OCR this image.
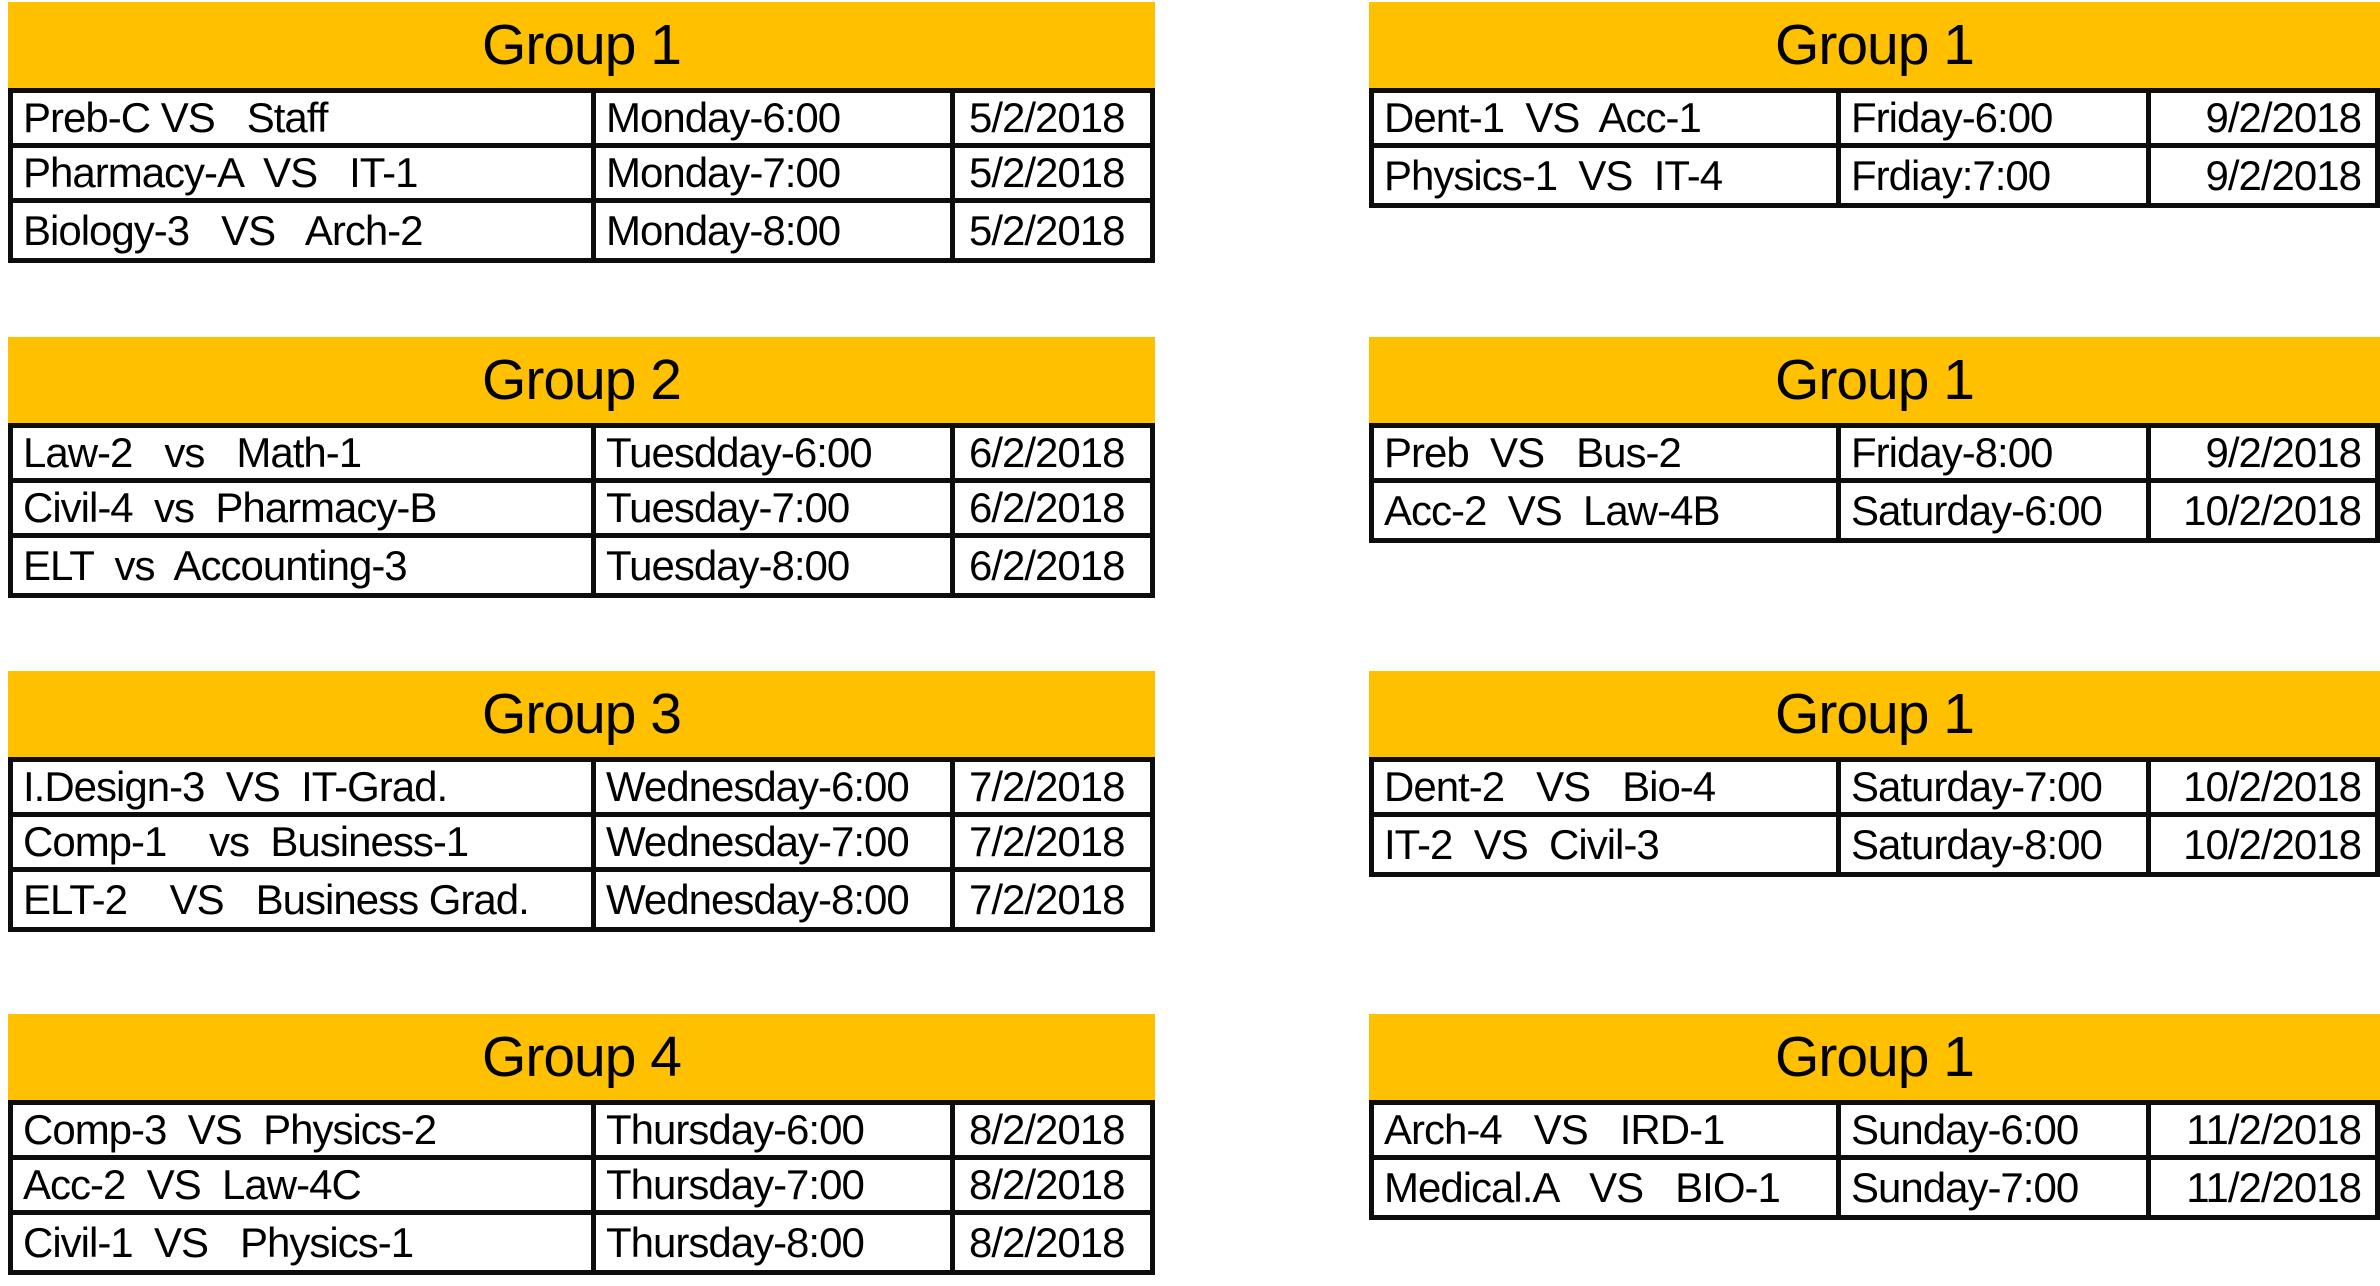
Group 1
Preb-C VS   Staff	Monday-6:00	5/2/2018
Pharmacy-A  VS   IT-1	Monday-7:00	5/2/2018
Biology-3   VS   Arch-2	Monday-8:00	5/2/2018
Group 2
Law-2   vs   Math-1	Tuesdday-6:00	6/2/2018
Civil-4  vs  Pharmacy-B	Tuesday-7:00	6/2/2018
ELT  vs  Accounting-3	Tuesday-8:00	6/2/2018
Group 3
I.Design-3  VS  IT-Grad.	Wednesday-6:00	7/2/2018
Comp-1    vs  Business-1	Wednesday-7:00	7/2/2018
ELT-2    VS   Business Grad.	Wednesday-8:00	7/2/2018
Group 4
Comp-3  VS  Physics-2	Thursday-6:00	8/2/2018
Acc-2  VS  Law-4C	Thursday-7:00	8/2/2018
Civil-1  VS   Physics-1	Thursday-8:00	8/2/2018
Group 1
Dent-1  VS  Acc-1	Friday-6:00	9/2/2018
Physics-1  VS  IT-4	Frdiay:7:00	9/2/2018
Group 1
Preb  VS   Bus-2	Friday-8:00	9/2/2018
Acc-2  VS  Law-4B	Saturday-6:00	10/2/2018
Group 1
Dent-2   VS   Bio-4	Saturday-7:00	10/2/2018
IT-2  VS  Civil-3	Saturday-8:00	10/2/2018
Group 1
Arch-4   VS   IRD-1	Sunday-6:00	11/2/2018
Medical.A   VS   BIO-1	Sunday-7:00	11/2/2018
